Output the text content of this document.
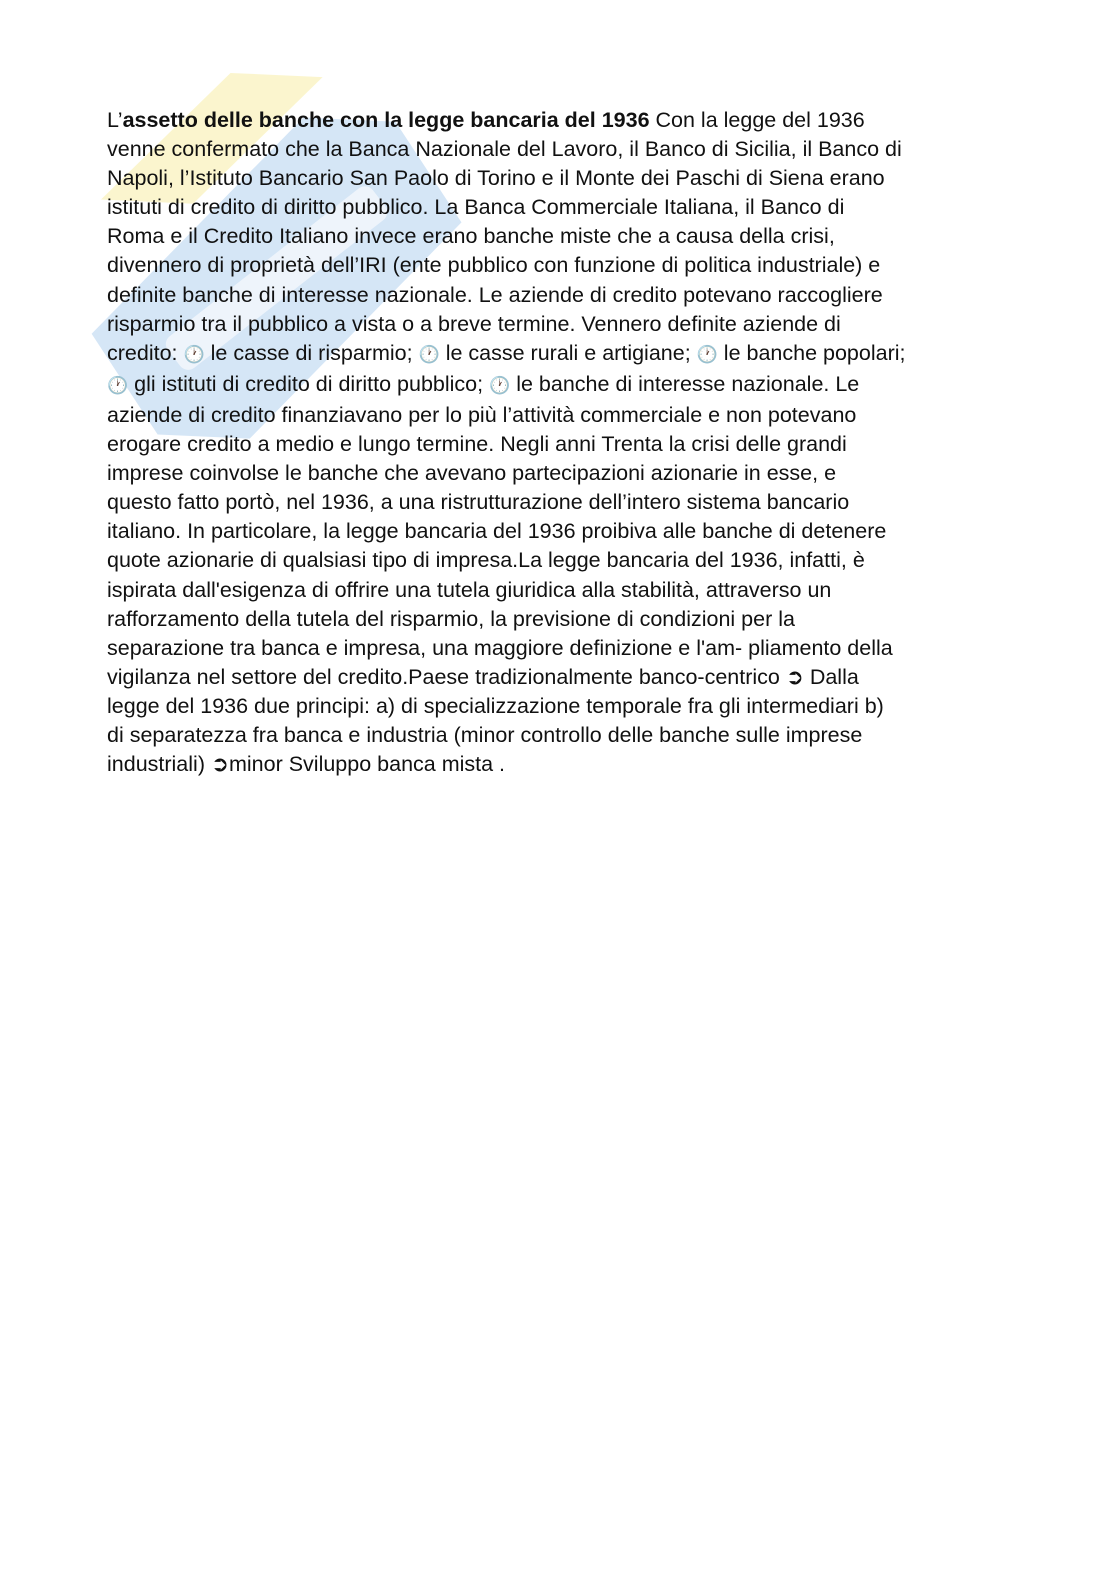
L’assetto delle banche con la legge bancaria del 1936 Con la legge del 1936
venne confermato che la Banca Nazionale del Lavoro, il Banco di Sicilia, il Banco di
Napoli, l’Istituto Bancario San Paolo di Torino e il Monte dei Paschi di Siena erano
istituti di credito di diritto pubblico. La Banca Commerciale Italiana, il Banco di
Roma e il Credito Italiano invece erano banche miste che a causa della crisi,
divennero di proprietà dell’IRI (ente pubblico con funzione di politica industriale) e
definite banche di interesse nazionale. Le aziende di credito potevano raccogliere
risparmio tra il pubblico a vista o a breve termine. Vennero definite aziende di
credito: 🕐 le casse di risparmio; 🕐 le casse rurali e artigiane; 🕐 le banche popolari;
🕐 gli istituti di credito di diritto pubblico; 🕐 le banche di interesse nazionale. Le
aziende di credito finanziavano per lo più l’attività commerciale e non potevano
erogare credito a medio e lungo termine. Negli anni Trenta la crisi delle grandi
imprese coinvolse le banche che avevano partecipazioni azionarie in esse, e
questo fatto portò, nel 1936, a una ristrutturazione dell’intero sistema bancario
italiano. In particolare, la legge bancaria del 1936 proibiva alle banche di detenere
quote azionarie di qualsiasi tipo di impresa.La legge bancaria del 1936, infatti, è
ispirata dall'esigenza di offrire una tutela giuridica alla stabilità, attraverso un
rafforzamento della tutela del risparmio, la previsione di condizioni per la
separazione tra banca e impresa, una maggiore definizione e l'am- pliamento della
vigilanza nel settore del credito.Paese tradizionalmente banco-centrico ➲ Dalla
legge del 1936 due principi: a) di specializzazione temporale fra gli intermediari b)
di separatezza fra banca e industria (minor controllo delle banche sulle imprese
industriali) ➲minor Sviluppo banca mista .
